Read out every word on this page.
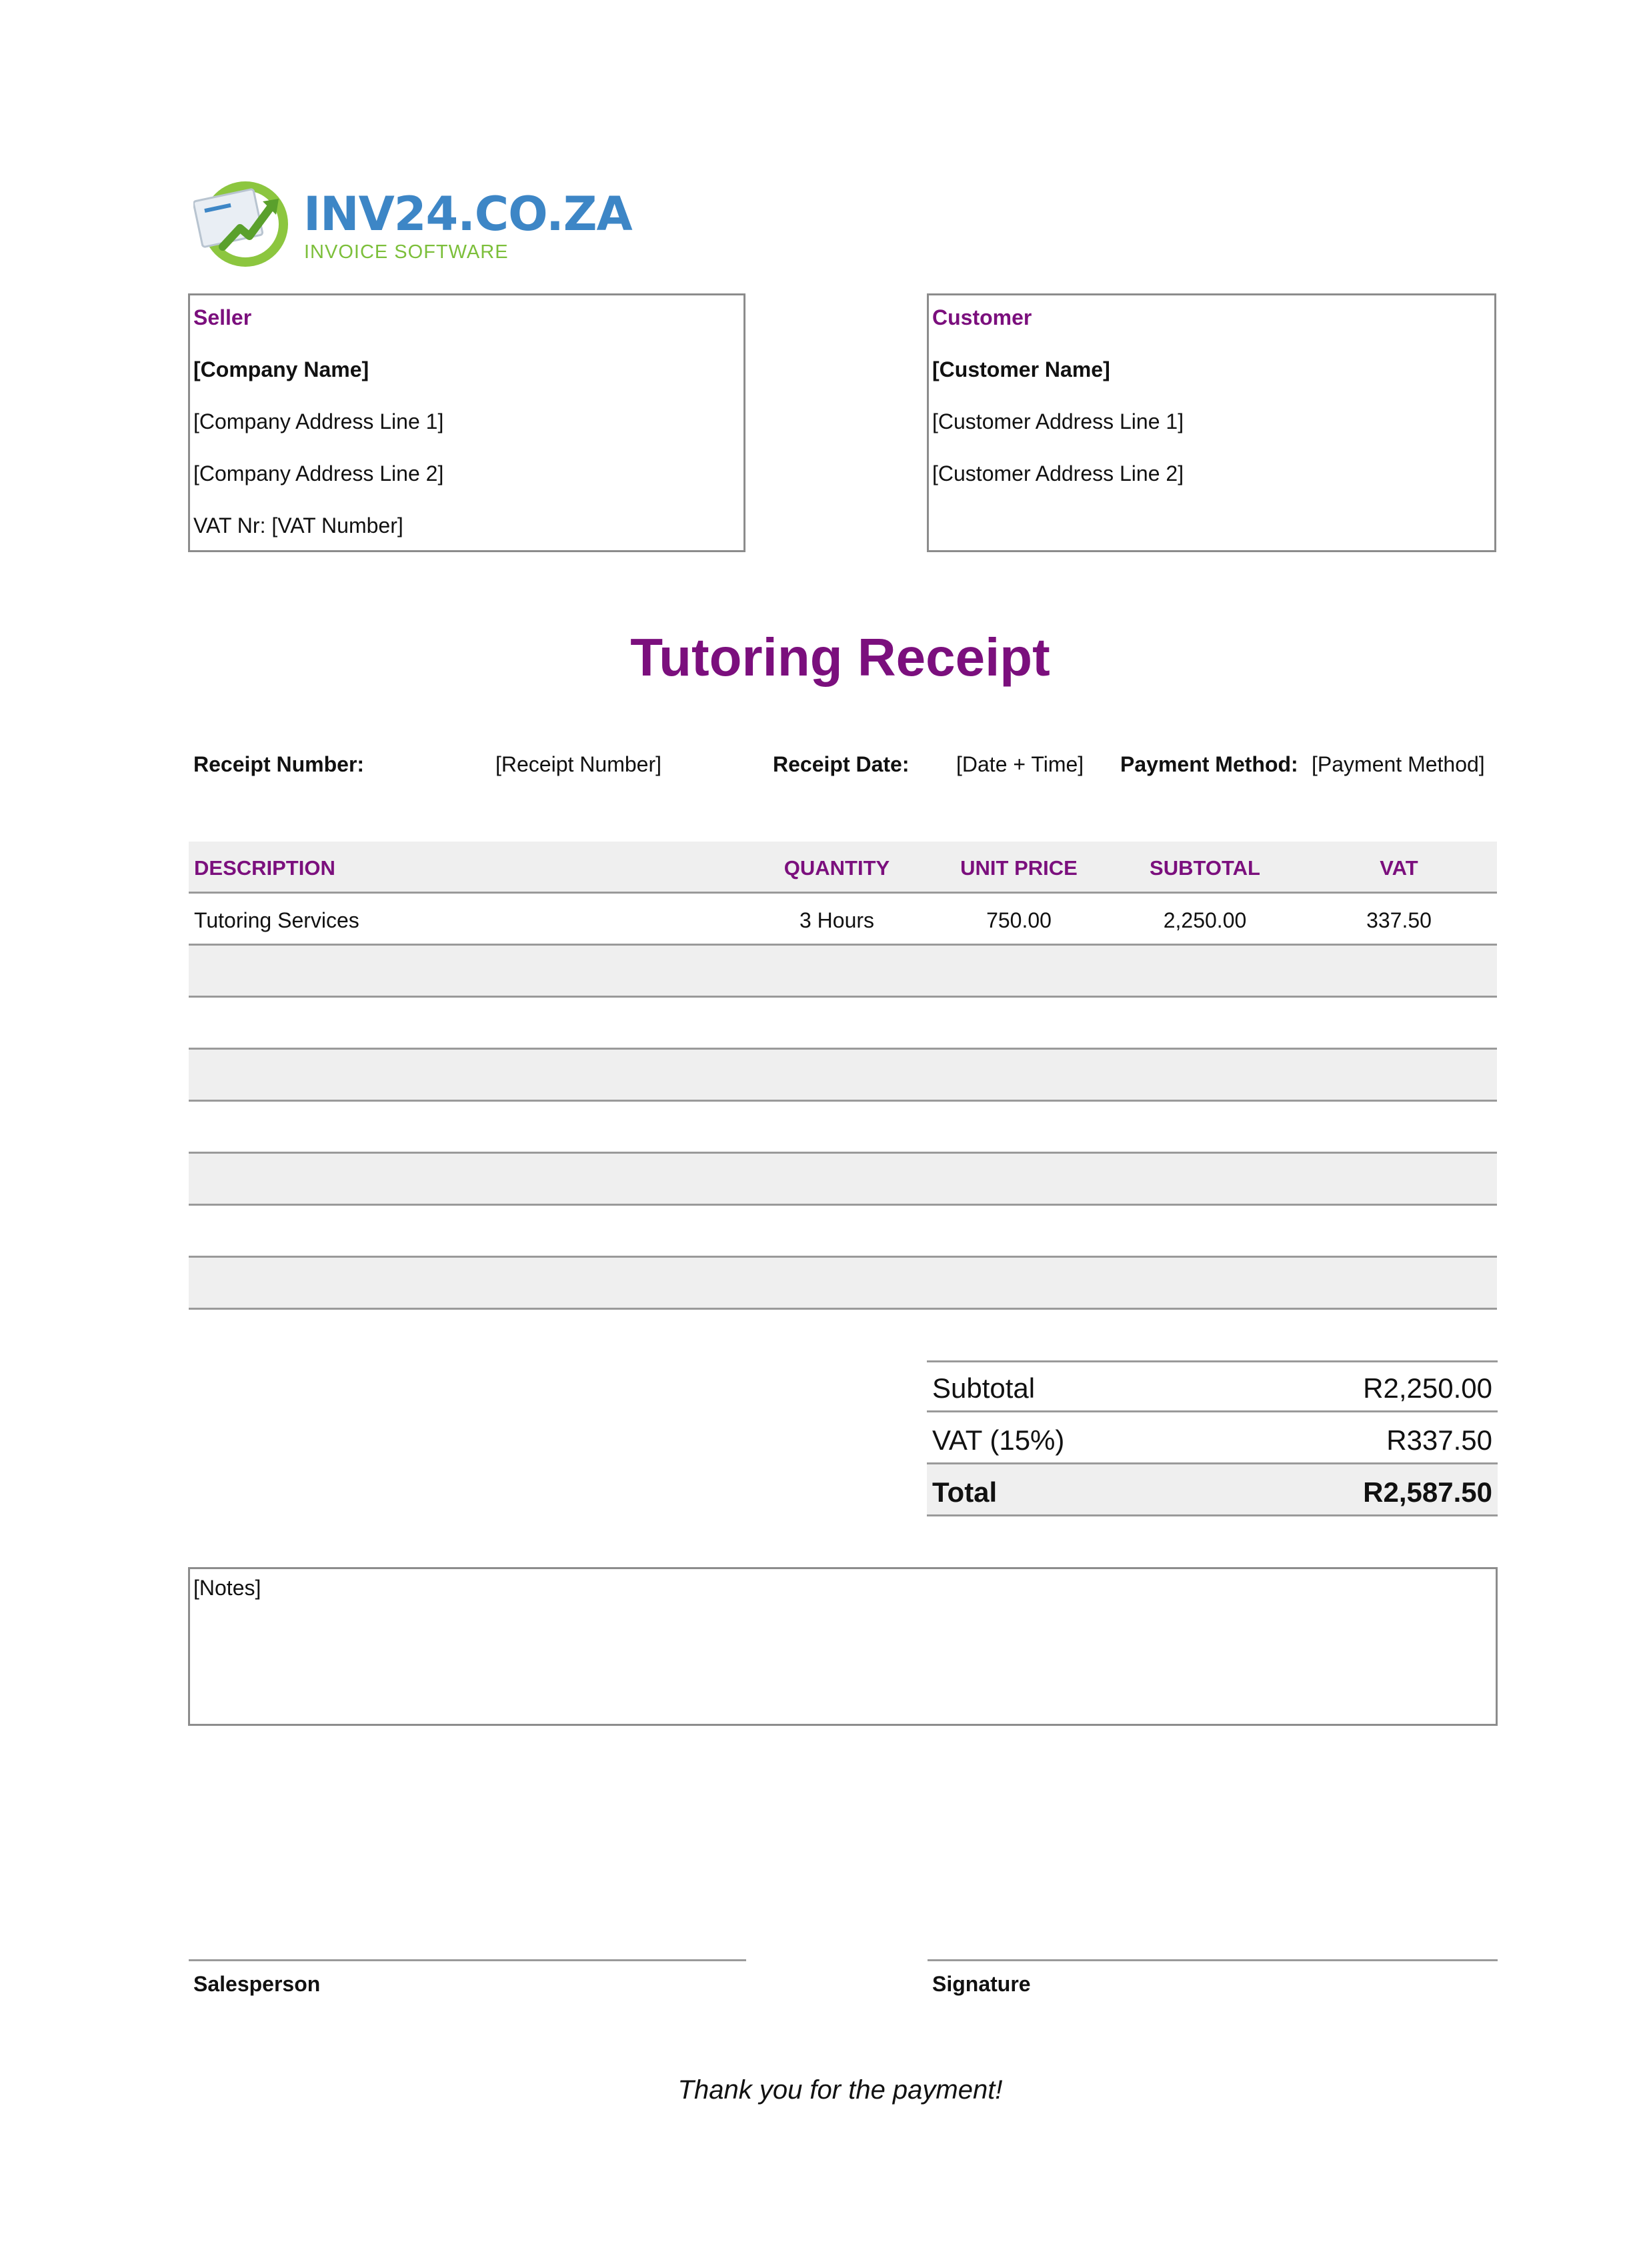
INV24.CO.ZA
INVOICE SOFTWARE
Seller
[Company Name]
[Company Address Line 1]
[Company Address Line 2]
VAT Nr: [VAT Number]
Customer
[Customer Name]
[Customer Address Line 1]
[Customer Address Line 2]
Tutoring Receipt
Receipt Number:	[Receipt Number]	Receipt Date: [Date + Time] Payment Method: [Payment Method]
DESCRIPTION	QUANTITY	UNIT PRICE	SUBTOTAL	VAT
Tutoring Services	3 Hours	750.00	2,250.00	337.50
Subtotal	R2,250.00
VAT (15%)	R337.50
Total	R2,587.50
[Notes]
Salesperson	Signature
Thank you for the payment!
